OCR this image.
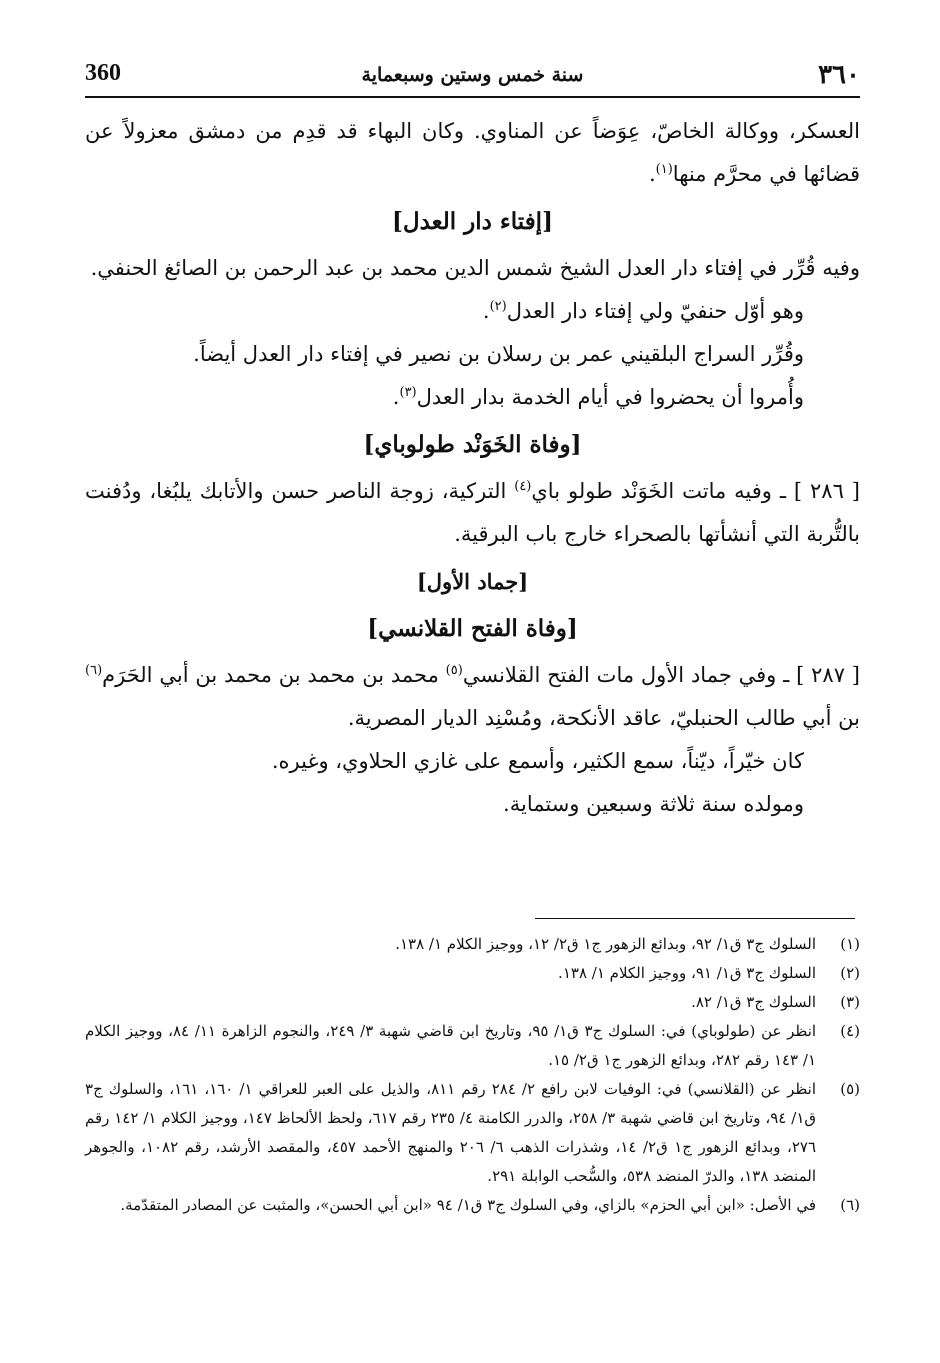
٣٦٠
سنة خمس وستين وسبعماية
360

العسكر، ووكالة الخاصّ، عِوَضاً عن المناوي. وكان البهاء قد قدِم من دمشق معزولاً عن قضائها في محرَّم منها$^{(١)}$.

[إفتاء دار العدل]

وفيه قُرِّر في إفتاء دار العدل الشيخ شمس الدين محمد بن عبد الرحمن بن الصائغ الحنفي.

وهو أوّل حنفيّ ولي إفتاء دار العدل$^{(٢)}$.

وقُرِّر السراج البلقيني عمر بن رسلان بن نصير في إفتاء دار العدل أيضاً.

وأُمروا أن يحضروا في أيام الخدمة بدار العدل$^{(٣)}$.

[وفاة الخَوَنْد طولوباي]

[ ٢٨٦ ] ـ وفيه ماتت الخَوَنْد طولو باي$^{(٤)}$ التركية، زوجة الناصر حسن والأتابك يلبُغا، ودُفنت بالتُّربة التي أنشأتها بالصحراء خارج باب البرقية.

[جماد الأول]
[وفاة الفتح القلانسي]

[ ٢٨٧ ] ـ وفي جماد الأول مات الفتح القلانسي$^{(٥)}$ محمد بن محمد بن محمد بن أبي الحَرَم$^{(٦)}$ بن أبي طالب الحنبليّ، عاقد الأنكحة، ومُسْنِد الديار المصرية.

كان خيّراً، ديّناً، سمع الكثير، وأسمع على غازي الحلاوي، وغيره.

ومولده سنة ثلاثة وسبعين وستماية.

(١)
السلوك ج٣ ق١/ ٩٢، وبدائع الزهور ج١ ق٢/ ١٢، ووجيز الكلام ١/ ١٣٨.
(٢)
السلوك ج٣ ق١/ ٩١، ووجيز الكلام ١/ ١٣٨.
(٣)
السلوك ج٣ ق١/ ٨٢.
(٤)
انظر عن (طولوباي) في: السلوك ج٣ ق١/ ٩٥، وتاريخ ابن قاضي شهبة ٣/ ٢٤٩، والنجوم الزاهرة ١١/ ٨٤، ووجيز الكلام ١/ ١٤٣ رقم ٢٨٢، وبدائع الزهور ج١ ق٢/ ١٥.
(٥)
انظر عن (القلانسي) في: الوفيات لابن رافع ٢/ ٢٨٤ رقم ٨١١، والذيل على العبر للعراقي ١/ ١٦٠، ١٦١، والسلوك ج٣ ق١/ ٩٤، وتاريخ ابن قاضي شهبة ٣/ ٢٥٨، والدرر الكامنة ٤/ ٢٣٥ رقم ٦١٧، ولحظ الألحاظ ١٤٧، ووجيز الكلام ١/ ١٤٢ رقم ٢٧٦، وبدائع الزهور ج١ ق٢/ ١٤، وشذرات الذهب ٦/ ٢٠٦ والمنهج الأحمد ٤٥٧، والمقصد الأرشد، رقم ١٠٨٢، والجوهر المنضد ١٣٨، والدرّ المنضد ٥٣٨، والسُّحب الوابلة ٢٩١.
(٦)
في الأصل: «ابن أبي الحزم» بالزاي، وفي السلوك ج٣ ق١/ ٩٤ «ابن أبي الحسن»، والمثبت عن المصادر المتقدّمة.
